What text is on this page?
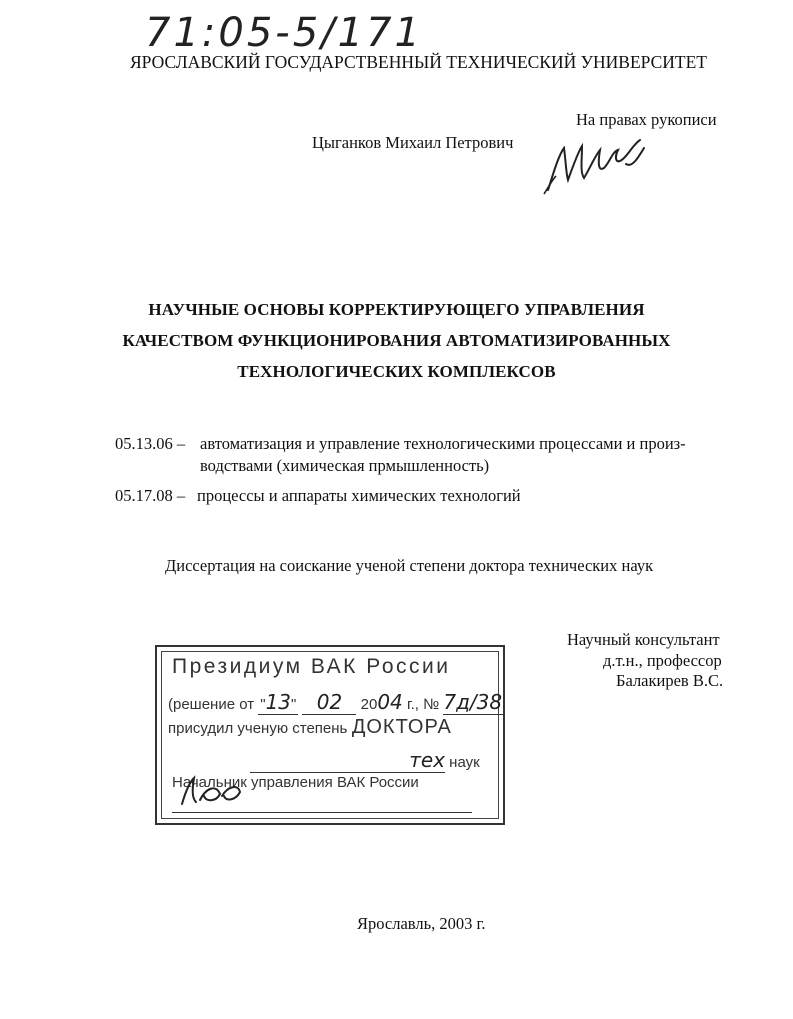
71:05-5/171
ЯРОСЛАВСКИЙ ГОСУДАРСТВЕННЫЙ ТЕХНИЧЕСКИЙ УНИВЕРСИТЕТ
На правах рукописи
Цыганков Михаил Петрович
НАУЧНЫЕ ОСНОВЫ КОРРЕКТИРУЮЩЕГО УПРАВЛЕНИЯ
КАЧЕСТВОМ ФУНКЦИОНИРОВАНИЯ АВТОМАТИЗИРОВАННЫХ
ТЕХНОЛОГИЧЕСКИХ КОМПЛЕКСОВ
05.13.06 – автоматизация и управление технологическими процессами и произ-
водствами (химическая прмышленность)
05.17.08 – процессы и аппараты химических технологий
Диссертация на соискание ученой степени доктора технических наук
Научный консультант
д.т.н., профессор
Балакирев В.С.
Президиум ВАК России
(решение от "13" 02 2004 г., № 7д/38
присудил ученую степень ДОКТОРА
тех наук
Начальник управления ВАК России
Ярославль, 2003 г.
